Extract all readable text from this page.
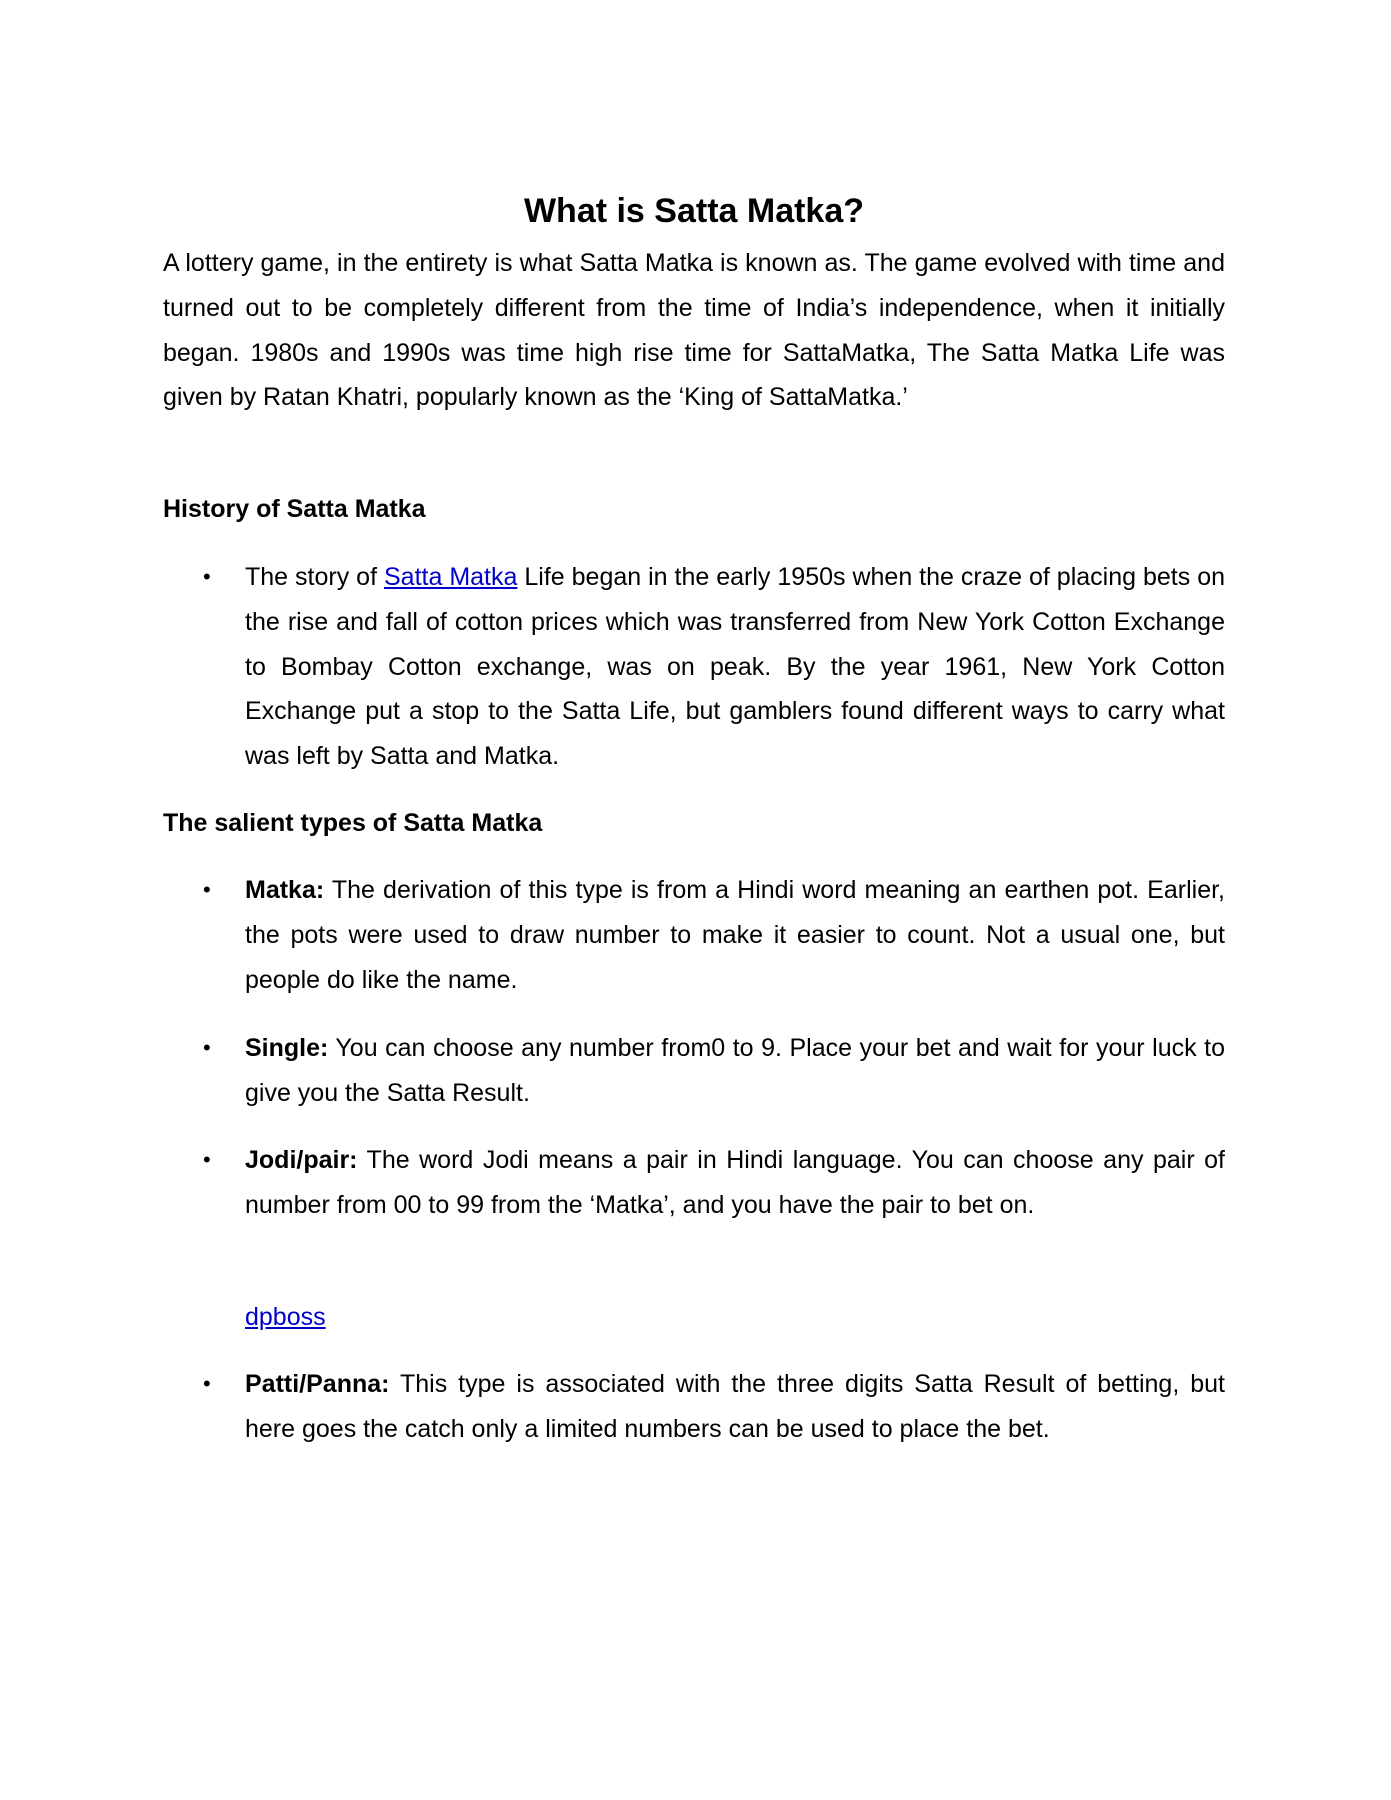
What is Satta Matka?

A lottery game, in the entirety is what Satta Matka is known as. The game evolved with time and turned out to be completely different from the time of India’s independence, when it initially began. 1980s and 1990s was time high rise time for SattaMatka, The Satta Matka Life was given by Ratan Khatri, popularly known as the ‘King of SattaMatka.’

History of Satta Matka
• The story of Satta Matka Life began in the early 1950s when the craze of placing bets on the rise and fall of cotton prices which was transferred from New York Cotton Exchange to Bombay Cotton exchange, was on peak. By the year 1961, New York Cotton Exchange put a stop to the Satta Life, but gamblers found different ways to carry what was left by Satta and Matka.
The salient types of Satta Matka
• Matka: The derivation of this type is from a Hindi word meaning an earthen pot. Earlier, the pots were used to draw number to make it easier to count. Not a usual one, but people do like the name.
• Single: You can choose any number from0 to 9. Place your bet and wait for your luck to give you the Satta Result.
• Jodi/pair: The word Jodi means a pair in Hindi language. You can choose any pair of number from 00 to 99 from the ‘Matka’, and you have the pair to bet on.
dpboss
• Patti/Panna: This type is associated with the three digits Satta Result of betting, but here goes the catch only a limited numbers can be used to place the bet.
